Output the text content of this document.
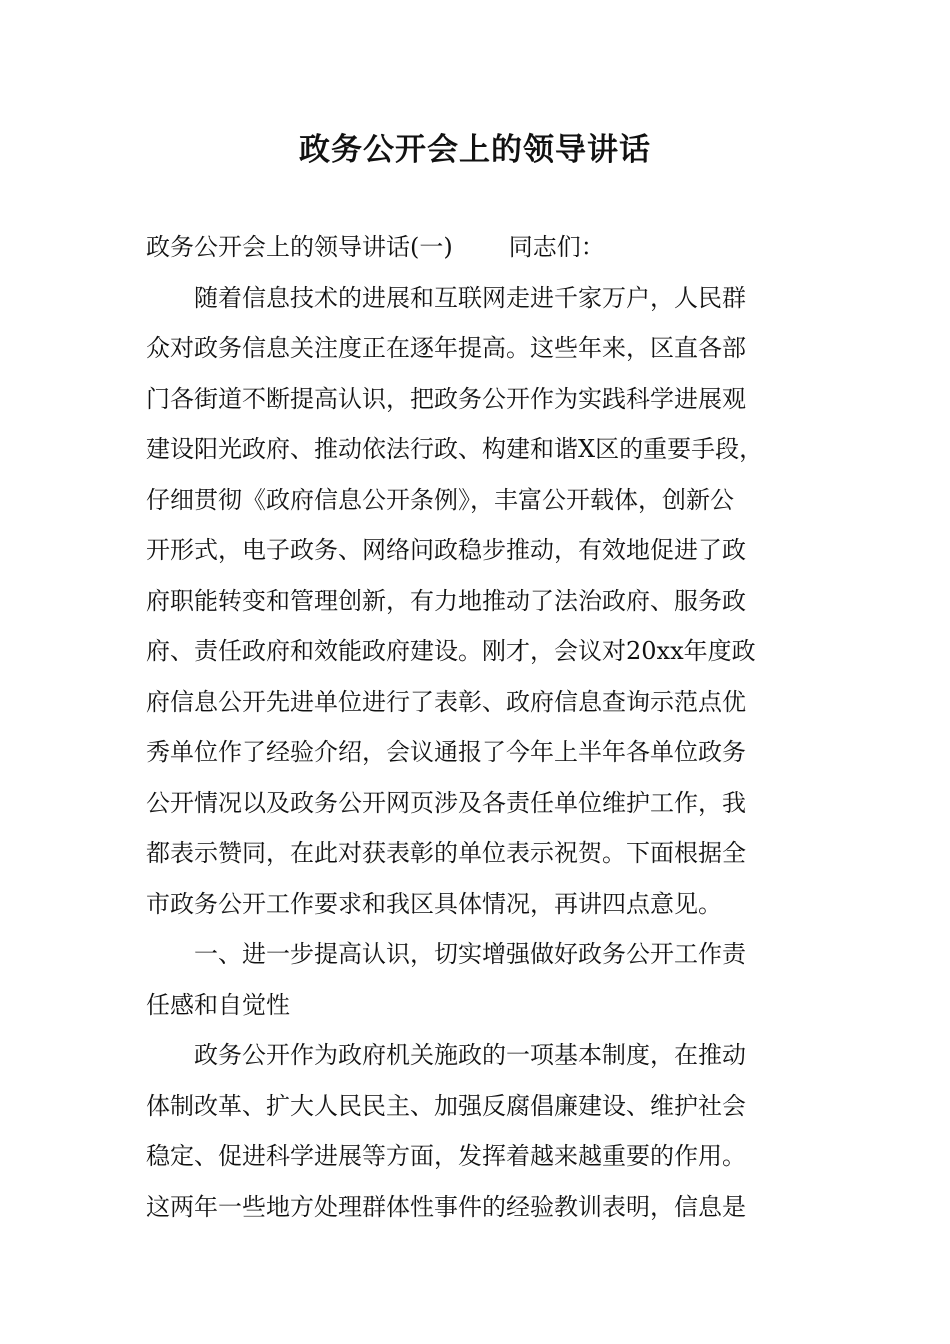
政务公开会上的领导讲话
政务公开会上的领导讲话(一) 同志们：
随着信息技术的进展和互联网走进千家万户，人民群
众对政务信息关注度正在逐年提高。这些年来，区直各部
门各街道不断提高认识，把政务公开作为实践科学进展观
建设阳光政府、推动依法行政、构建和谐X区的重要手段，
仔细贯彻《政府信息公开条例》，丰富公开载体，创新公
开形式，电子政务、网络问政稳步推动，有效地促进了政
府职能转变和管理创新，有力地推动了法治政府、服务政
府、责任政府和效能政府建设。刚才，会议对20xx年度政
府信息公开先进单位进行了表彰、政府信息查询示范点优
秀单位作了经验介绍，会议通报了今年上半年各单位政务
公开情况以及政务公开网页涉及各责任单位维护工作，我
都表示赞同，在此对获表彰的单位表示祝贺。下面根据全
市政务公开工作要求和我区具体情况，再讲四点意见。
一、进一步提高认识，切实增强做好政务公开工作责
任感和自觉性
政务公开作为政府机关施政的一项基本制度，在推动
体制改革、扩大人民民主、加强反腐倡廉建设、维护社会
稳定、促进科学进展等方面，发挥着越来越重要的作用。
这两年一些地方处理群体性事件的经验教训表明，信息是
